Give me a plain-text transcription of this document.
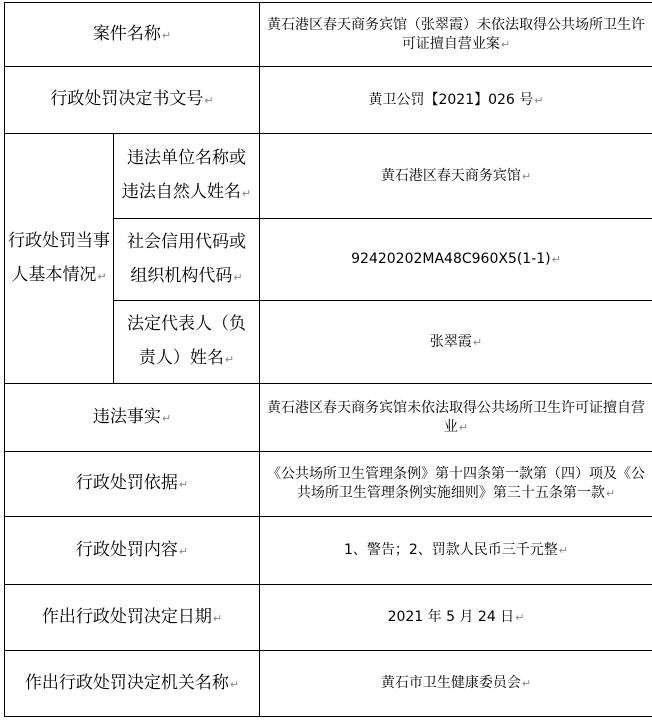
案件名称↵		黄石港区春天商务宾馆（张翠霞）未依法取得公共场所卫生许可证擅自营业案↵
行政处罚决定书文号↵		黄卫公罚【2021】026 号↵
行政处罚当事人基本情况↵	违法单位名称或违法自然人姓名↵	黄石港区春天商务宾馆↵
	社会信用代码或组织机构代码↵	92420202MA48C960X5(1-1)↵
	法定代表人（负责人）姓名↵	张翠霞↵
违法事实↵		黄石港区春天商务宾馆未依法取得公共场所卫生许可证擅自营业↵
行政处罚依据↵		《公共场所卫生管理条例》第十四条第一款第（四）项及《公共场所卫生管理条例实施细则》第三十五条第一款↵
行政处罚内容↵		1、警告；2、罚款人民币三千元整↵
作出行政处罚决定日期↵		2021 年 5 月 24 日↵
作出行政处罚决定机关名称↵		黄石市卫生健康委员会↵
